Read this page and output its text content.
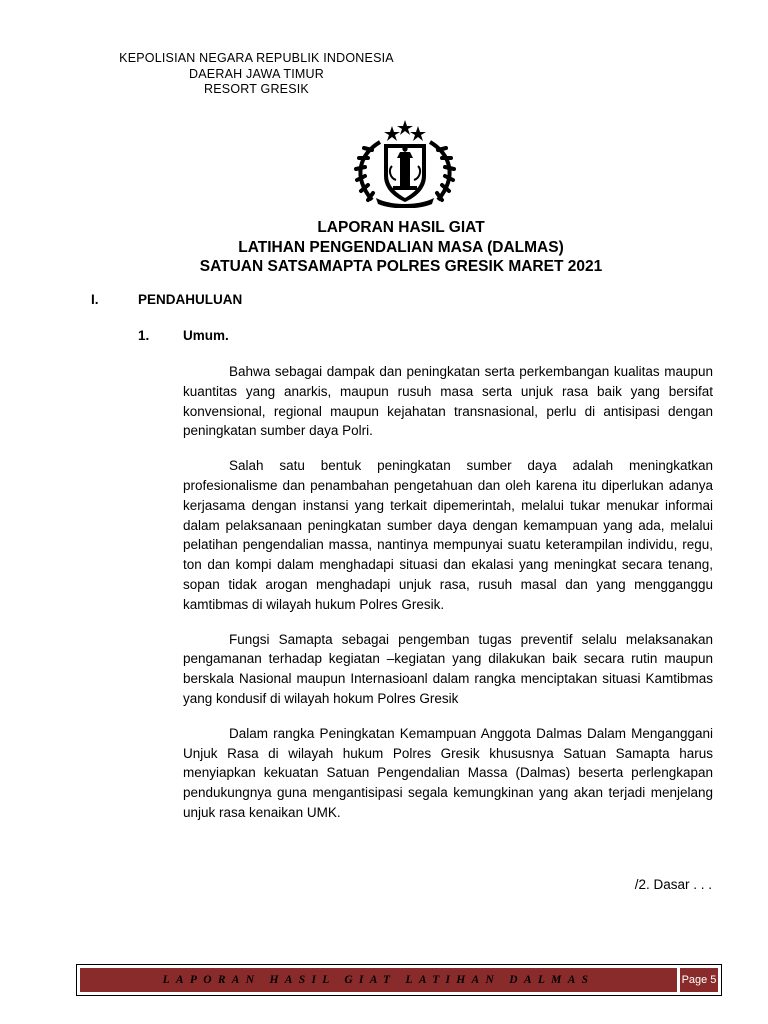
KEPOLISIAN NEGARA REPUBLIK INDONESIA
DAERAH JAWA TIMUR
RESORT GRESIK
LAPORAN HASIL GIAT
LATIHAN PENGENDALIAN MASA (DALMAS)
SATUAN SATSAMAPTA POLRES GRESIK MARET 2021
I.	PENDAHULUAN
1. Umum.

Bahwa sebagai dampak dan peningkatan serta perkembangan kualitas maupun kuantitas yang anarkis, maupun rusuh masa serta unjuk rasa baik yang bersifat konvensional, regional maupun kejahatan transnasional, perlu di antisipasi dengan peningkatan sumber daya Polri.

Salah satu bentuk peningkatan sumber daya adalah meningkatkan profesionalisme dan penambahan pengetahuan dan oleh karena itu diperlukan adanya kerjasama dengan instansi yang terkait dipemerintah, melalui tukar menukar informai dalam pelaksanaan peningkatan sumber daya dengan kemampuan yang ada, melalui pelatihan pengendalian massa, nantinya mempunyai suatu keterampilan individu, regu, ton dan kompi dalam menghadapi situasi dan ekalasi yang meningkat secara tenang, sopan tidak arogan menghadapi unjuk rasa, rusuh masal dan yang mengganggu kamtibmas di wilayah hukum Polres Gresik.

Fungsi Samapta sebagai pengemban tugas preventif selalu melaksanakan pengamanan terhadap kegiatan –kegiatan yang dilakukan baik secara rutin maupun berskala Nasional maupun Internasioanl dalam rangka menciptakan situasi Kamtibmas yang kondusif di wilayah hokum Polres Gresik

Dalam rangka Peningkatan Kemampuan Anggota Dalmas Dalam Menganggani Unjuk Rasa di wilayah hukum Polres Gresik khususnya Satuan Samapta harus menyiapkan kekuatan Satuan Pengendalian Massa (Dalmas) beserta perlengkapan pendukungnya guna mengantisipasi segala kemungkinan yang akan terjadi menjelang unjuk rasa kenaikan UMK.

/2. Dasar . . .
LAPORAN HASIL GIAT LATIHAN DALMAS	Page 5
